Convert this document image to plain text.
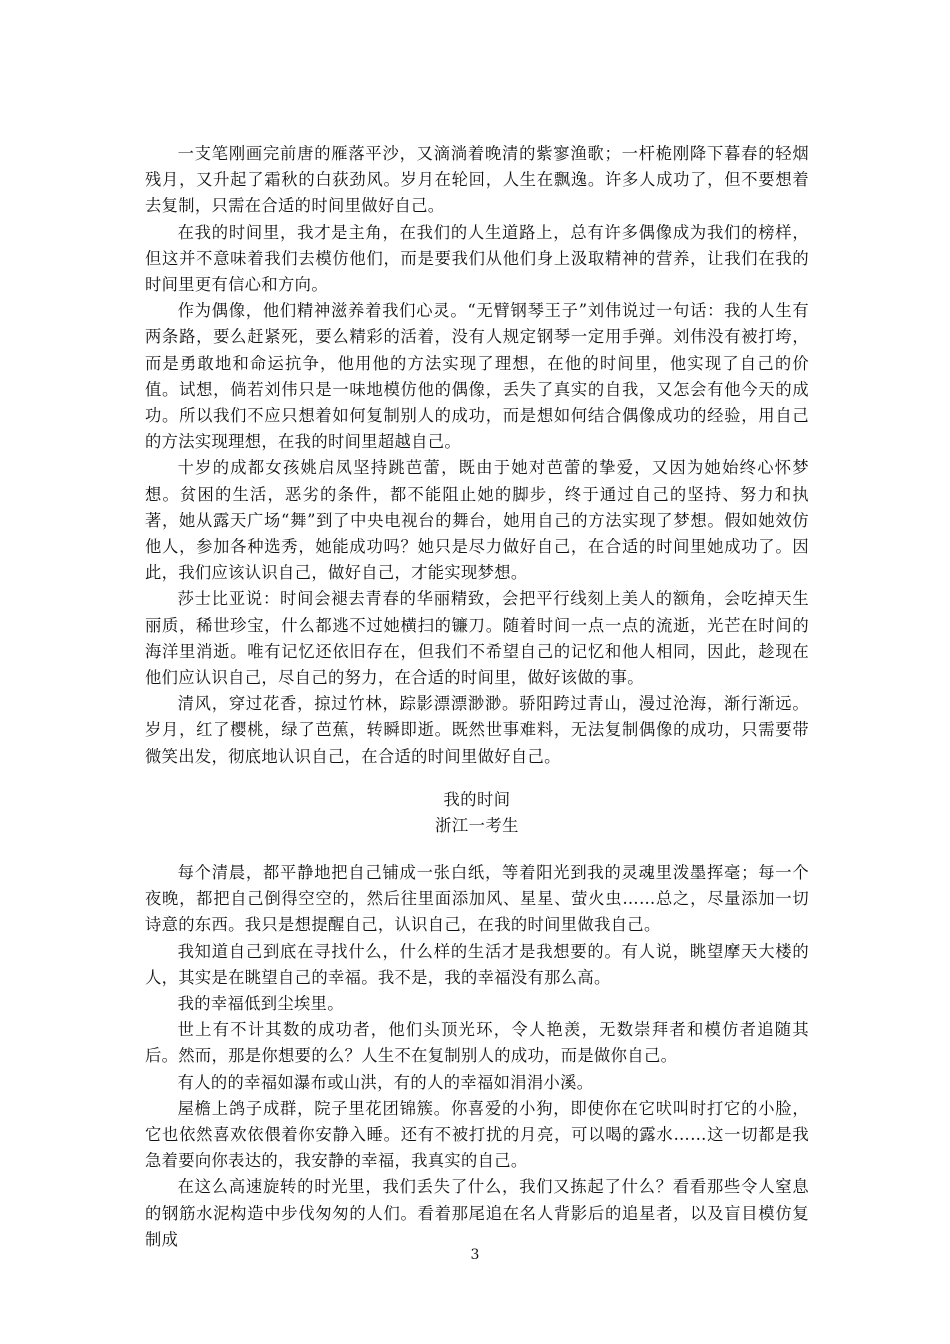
一支笔刚画完前唐的雁落平沙，又滴淌着晚清的紫寥渔歌；一杆桅刚降下暮春的轻烟残月，又升起了霜秋的白荻劲风。岁月在轮回，人生在飘逸。许多人成功了，但不要想着去复制，只需在合适的时间里做好自己。

在我的时间里，我才是主角，在我们的人生道路上，总有许多偶像成为我们的榜样，但这并不意味着我们去模仿他们，而是要我们从他们身上汲取精神的营养，让我们在我的时间里更有信心和方向。

作为偶像，他们精神滋养着我们心灵。“无臂钢琴王子”刘伟说过一句话：我的人生有两条路，要么赶紧死，要么精彩的活着，没有人规定钢琴一定用手弹。刘伟没有被打垮，而是勇敢地和命运抗争，他用他的方法实现了理想，在他的时间里，他实现了自己的价值。试想，倘若刘伟只是一味地模仿他的偶像，丢失了真实的自我，又怎会有他今天的成功。所以我们不应只想着如何复制别人的成功，而是想如何结合偶像成功的经验，用自己的方法实现理想，在我的时间里超越自己。

十岁的成都女孩姚启凤坚持跳芭蕾，既由于她对芭蕾的挚爱，又因为她始终心怀梦想。贫困的生活，恶劣的条件，都不能阻止她的脚步，终于通过自己的坚持、努力和执著，她从露天广场“舞”到了中央电视台的舞台，她用自己的方法实现了梦想。假如她效仿他人，参加各种选秀，她能成功吗？她只是尽力做好自己，在合适的时间里她成功了。因此，我们应该认识自己，做好自己，才能实现梦想。

莎士比亚说：时间会褪去青春的华丽精致，会把平行线刻上美人的额角，会吃掉天生丽质，稀世珍宝，什么都逃不过她横扫的镰刀。随着时间一点一点的流逝，光芒在时间的海洋里消逝。唯有记忆还依旧存在，但我们不希望自己的记忆和他人相同，因此，趁现在他们应认识自己，尽自己的努力，在合适的时间里，做好该做的事。

清风，穿过花香，掠过竹林，踪影漂漂渺渺。骄阳跨过青山，漫过沧海，渐行渐远。岁月，红了樱桃，绿了芭蕉，转瞬即逝。既然世事难料，无法复制偶像的成功，只需要带微笑出发，彻底地认识自己，在合适的时间里做好自己。

我的时间
浙江一考生

每个清晨，都平静地把自己铺成一张白纸，等着阳光到我的灵魂里泼墨挥毫；每一个夜晚，都把自己倒得空空的，然后往里面添加风、星星、萤火虫……总之，尽量添加一切诗意的东西。我只是想提醒自己，认识自己，在我的时间里做我自己。

我知道自己到底在寻找什么，什么样的生活才是我想要的。有人说，眺望摩天大楼的人，其实是在眺望自己的幸福。我不是，我的幸福没有那么高。

我的幸福低到尘埃里。

世上有不计其数的成功者，他们头顶光环，令人艳羡，无数崇拜者和模仿者追随其后。然而，那是你想要的么？人生不在复制别人的成功，而是做你自己。

有人的的幸福如瀑布或山洪，有的人的幸福如涓涓小溪。

屋檐上鸽子成群，院子里花团锦簇。你喜爱的小狗，即使你在它吠叫时打它的小脸，它也依然喜欢依偎着你安静入睡。还有不被打扰的月亮，可以喝的露水……这一切都是我急着要向你表达的，我安静的幸福，我真实的自己。

在这么高速旋转的时光里，我们丢失了什么，我们又拣起了什么？看看那些令人窒息的钢筋水泥构造中步伐匆匆的人们。看着那尾追在名人背影后的追星者，以及盲目模仿复制成

3
